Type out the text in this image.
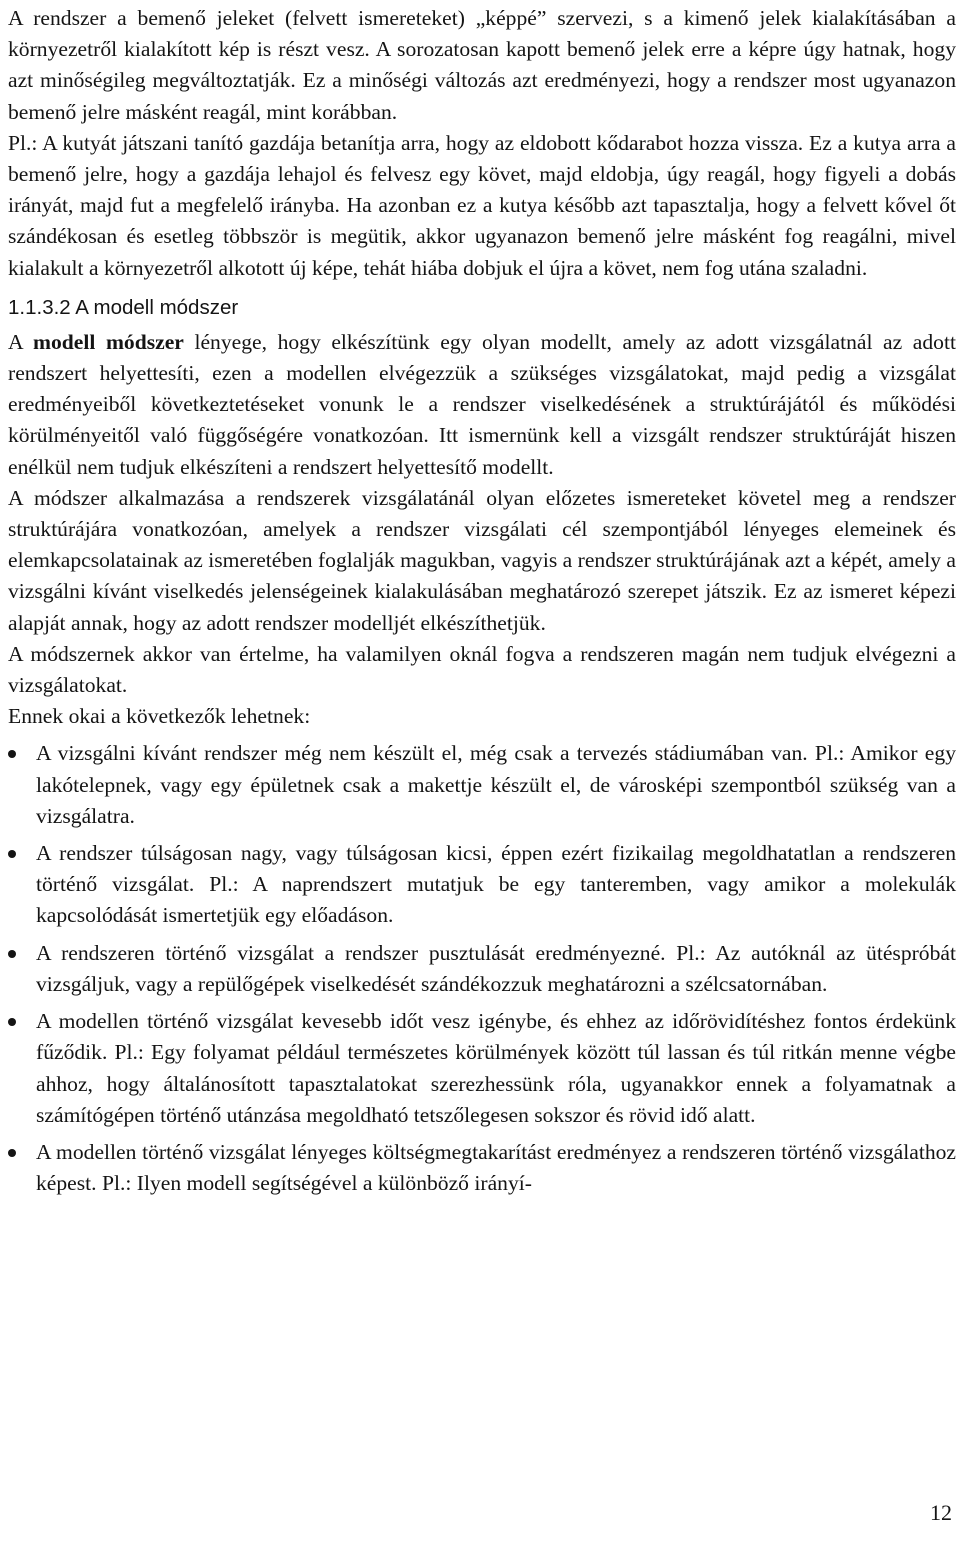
A rendszer a bemenő jeleket (felvett ismereteket) „képpé” szervezi, s a kimenő jelek kialakításában a környezetről kialakított kép is részt vesz. A sorozatosan kapott bemenő jelek erre a képre úgy hatnak, hogy azt minőségileg megváltoztatják. Ez a minőségi változás azt eredményezi, hogy a rendszer most ugyanazon bemenő jelre másként reagál, mint korábban.

Pl.: A kutyát játszani tanító gazdája betanítja arra, hogy az eldobott kődarabot hozza vissza. Ez a kutya arra a bemenő jelre, hogy a gazdája lehajol és felvesz egy követ, majd eldobja, úgy reagál, hogy figyeli a dobás irányát, majd fut a megfelelő irányba. Ha azonban ez a kutya később azt tapasztalja, hogy a felvett kővel őt szándékosan és esetleg többször is megütik, akkor ugyanazon bemenő jelre másként fog reagálni, mivel kialakult a környezetről alkotott új képe, tehát hiába dobjuk el újra a követ, nem fog utána szaladni.

1.1.3.2 A modell módszer

A modell módszer lényege, hogy elkészítünk egy olyan modellt, amely az adott vizsgálatnál az adott rendszert helyettesíti, ezen a modellen elvégezzük a szükséges vizsgálatokat, majd pedig a vizsgálat eredményeiből következtetéseket vonunk le a rendszer viselkedésének a struktúrájától és működési körülményeitől való függőségére vonatkozóan. Itt ismernünk kell a vizsgált rendszer struktúráját hiszen enélkül nem tudjuk elkészíteni a rendszert helyettesítő modellt.

A módszer alkalmazása a rendszerek vizsgálatánál olyan előzetes ismereteket követel meg a rendszer struktúrájára vonatkozóan, amelyek a rendszer vizsgálati cél szempontjából lényeges elemeinek és elemkapcsolatainak az ismeretében foglalják magukban, vagyis a rendszer struktúrájának azt a képét, amely a vizsgálni kívánt viselkedés jelenségeinek kialakulásában meghatározó szerepet játszik. Ez az ismeret képezi alapját annak, hogy az adott rendszer modelljét elkészíthetjük.

A módszernek akkor van értelme, ha valamilyen oknál fogva a rendszeren magán nem tudjuk elvégezni a vizsgálatokat.

Ennek okai a következők lehetnek:

A vizsgálni kívánt rendszer még nem készült el, még csak a tervezés stádiumában van. Pl.: Amikor egy lakótelepnek, vagy egy épületnek csak a makettje készült el, de városképi szempontból szükség van a vizsgálatra.
A rendszer túlságosan nagy, vagy túlságosan kicsi, éppen ezért fizikailag megoldhatatlan a rendszeren történő vizsgálat. Pl.: A naprendszert mutatjuk be egy tanteremben, vagy amikor a molekulák kapcsolódását ismertetjük egy előadáson.
A rendszeren történő vizsgálat a rendszer pusztulását eredményezné. Pl.: Az autóknál az ütéspróbát vizsgáljuk, vagy a repülőgépek viselkedését szándékozzuk meghatározni a szélcsatornában.
A modellen történő vizsgálat kevesebb időt vesz igénybe, és ehhez az időrövidítéshez fontos érdekünk fűződik. Pl.: Egy folyamat például természetes körülmények között túl lassan és túl ritkán menne végbe ahhoz, hogy általánosított tapasztalatokat szerezhessünk róla, ugyanakkor ennek a folyamatnak a számítógépen történő utánzása megoldható tetszőlegesen sokszor és rövid idő alatt.
A modellen történő vizsgálat lényeges költségmegtakarítást eredményez a rendszeren történő vizsgálathoz képest. Pl.: Ilyen modell segítségével a különböző irányí-
12
